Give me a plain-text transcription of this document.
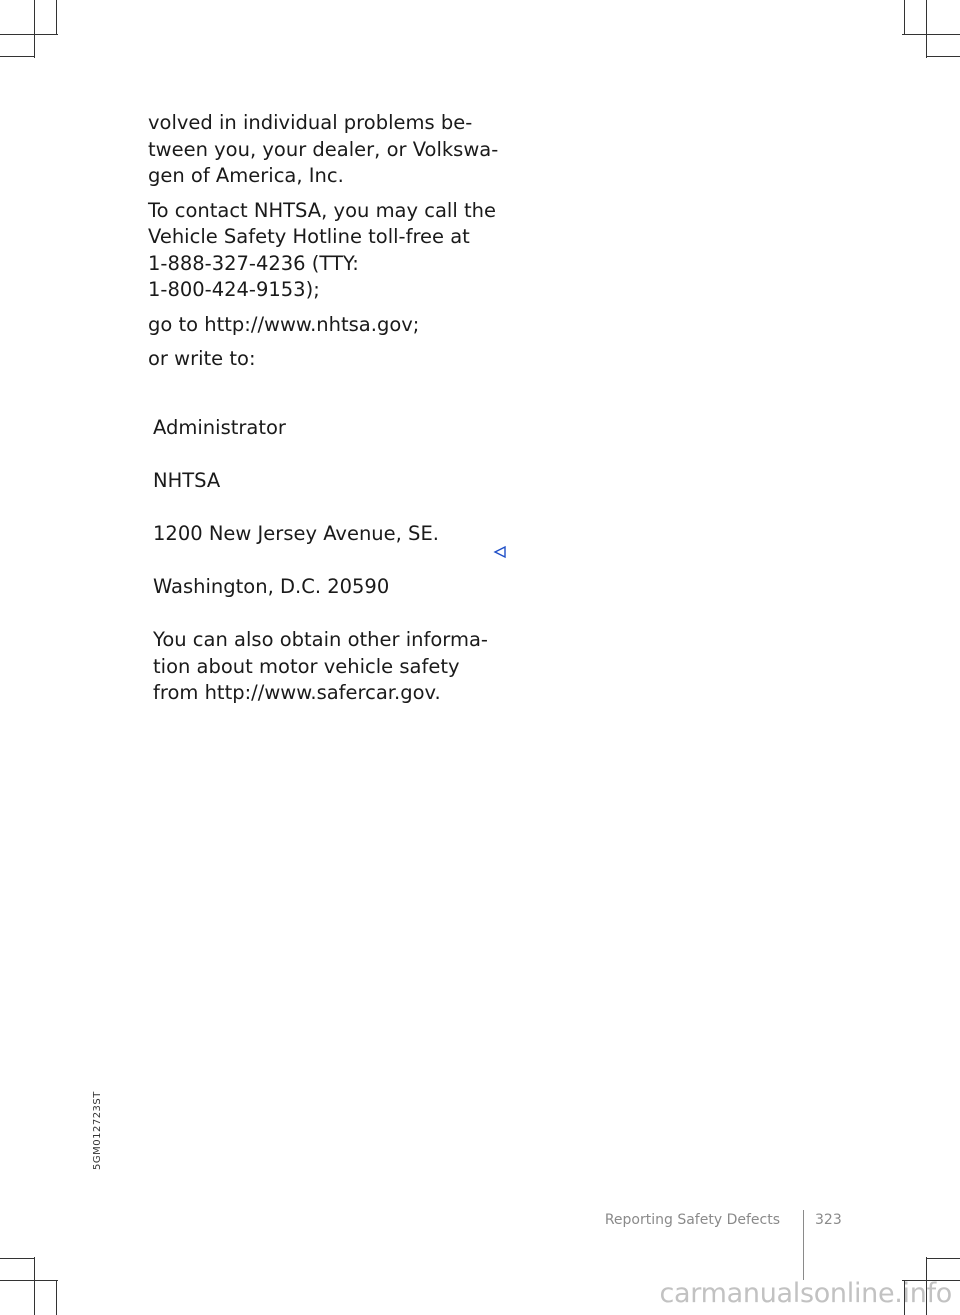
volved in individual problems be-
tween you, your dealer, or Volkswa-
gen of America, Inc.

To contact NHTSA, you may call the
Vehicle Safety Hotline toll-free at
1-888-327-4236 (TTY:
1-800-424-9153);

go to http://www.nhtsa.gov;

or write to:

Administrator

NHTSA

1200 New Jersey Avenue, SE.

Washington, D.C. 20590

You can also obtain other informa-
tion about motor vehicle safety
from http://www.safercar.gov.

5GM012723ST
Reporting Safety Defects	323
carmanualsonline.info
